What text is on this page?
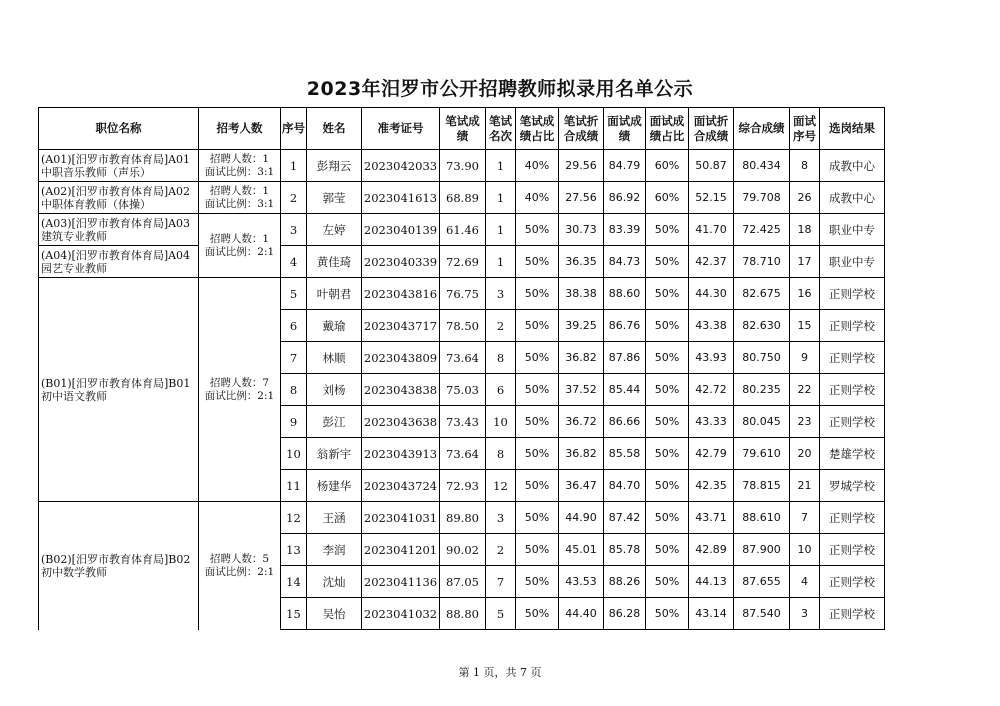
2023年汨罗市公开招聘教师拟录用名单公示
职位名称	招考人数	序号	姓名	准考证号	笔试成绩	笔试名次	笔试成绩占比	笔试折合成绩	面试成绩	面试成绩占比	面试折合成绩	综合成绩	面试序号	选岗结果
(A01)[汨罗市教育体育局]A01中职音乐教师（声乐）	招聘人数：1
面试比例：3:1	1	彭翔云	2023042033	73.90	1	40%	29.56	84.79	60%	50.87	80.434	8	成教中心
(A02)[汨罗市教育体育局]A02中职体育教师（体操）	招聘人数：1
面试比例：3:1	2	郭莹	2023041613	68.89	1	40%	27.56	86.92	60%	52.15	79.708	26	成教中心
(A03)[汨罗市教育体育局]A03建筑专业教师	招聘人数：1
面试比例：2:1	3	左婷	2023040139	61.46	1	50%	30.73	83.39	50%	41.70	72.425	18	职业中专
(A04)[汨罗市教育体育局]A04园艺专业教师		4	黄佳琦	2023040339	72.69	1	50%	36.35	84.73	50%	42.37	78.710	17	职业中专
(B01)[汨罗市教育体育局]B01初中语文教师	招聘人数：7
面试比例：2:1	5	叶朝君	2023043816	76.75	3	50%	38.38	88.60	50%	44.30	82.675	16	正则学校
		6	戴瑜	2023043717	78.50	2	50%	39.25	86.76	50%	43.38	82.630	15	正则学校
		7	林顺	2023043809	73.64	8	50%	36.82	87.86	50%	43.93	80.750	9	正则学校
		8	刘杨	2023043838	75.03	6	50%	37.52	85.44	50%	42.72	80.235	22	正则学校
		9	彭江	2023043638	73.43	10	50%	36.72	86.66	50%	43.33	80.045	23	正则学校
		10	翁新宇	2023043913	73.64	8	50%	36.82	85.58	50%	42.79	79.610	20	楚雄学校
		11	杨建华	2023043724	72.93	12	50%	36.47	84.70	50%	42.35	78.815	21	罗城学校
(B02)[汨罗市教育体育局]B02初中数学教师	招聘人数：5
面试比例：2:1	12	王涵	2023041031	89.80	3	50%	44.90	87.42	50%	43.71	88.610	7	正则学校
		13	李润	2023041201	90.02	2	50%	45.01	85.78	50%	42.89	87.900	10	正则学校
		14	沈灿	2023041136	87.05	7	50%	43.53	88.26	50%	44.13	87.655	4	正则学校
		15	吴怡	2023041032	88.80	5	50%	44.40	86.28	50%	43.14	87.540	3	正则学校
第 1 页，共 7 页
